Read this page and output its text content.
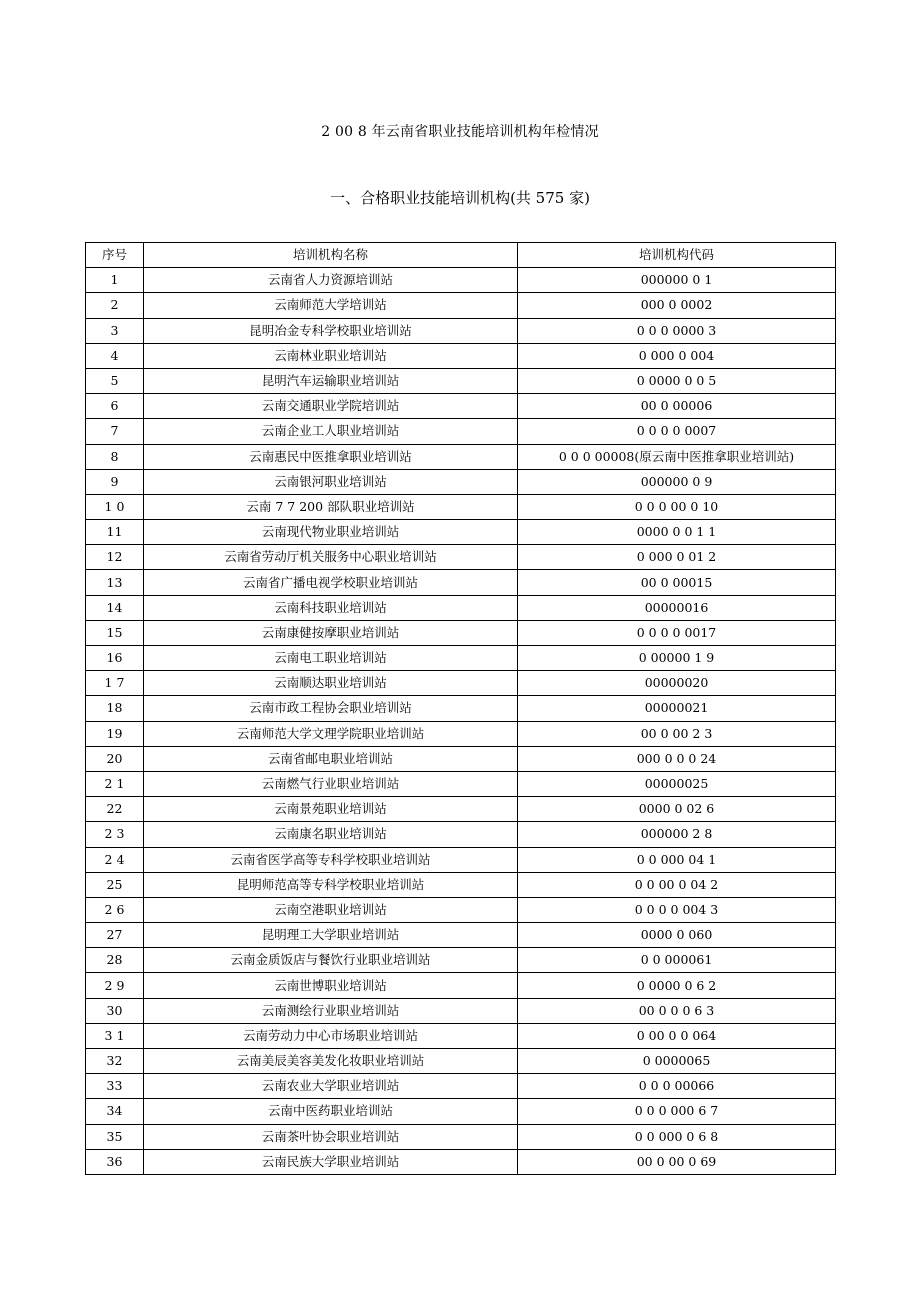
2 00 8 年云南省职业技能培训机构年检情况
一、合格职业技能培训机构(共 575 家)
序号	培训机构名称	培训机构代码
1	云南省人力资源培训站	000000 0 1
2	云南师范大学培训站	000 0 0002
3	昆明冶金专科学校职业培训站	0 0 0 0000 3
4	云南林业职业培训站	0 000 0 004
5	昆明汽车运输职业培训站	0 0000 0 0 5
6	云南交通职业学院培训站	00 0 00006
7	云南企业工人职业培训站	0 0 0 0 0007
8	云南惠民中医推拿职业培训站	0 0 0 00008(原云南中医推拿职业培训站)
9	云南银河职业培训站	000000 0 9
1 0	云南 7 7 200 部队职业培训站	0 0 0 00 0 10
11	云南现代物业职业培训站	0000 0 0 1 1
12	云南省劳动厅机关服务中心职业培训站	0 000 0 01 2
13	云南省广播电视学校职业培训站	00 0 00015
14	云南科技职业培训站	00000016
15	云南康健按摩职业培训站	0 0 0 0 0017
16	云南电工职业培训站	0 00000 1 9
1 7	云南顺达职业培训站	00000020
18	云南市政工程协会职业培训站	00000021
19	云南师范大学文理学院职业培训站	00 0 00 2 3
20	云南省邮电职业培训站	000 0 0 0 24
2 1	云南燃气行业职业培训站	00000025
22	云南景苑职业培训站	0000 0 02 6
2 3	云南康名职业培训站	000000 2 8
2 4	云南省医学高等专科学校职业培训站	0 0 000 04 1
25	昆明师范高等专科学校职业培训站	0 0 00 0 04 2
2 6	云南空港职业培训站	0 0 0 0 004 3
27	昆明理工大学职业培训站	0000 0 060
28	云南金质饭店与餐饮行业职业培训站	0 0 000061
2 9	云南世博职业培训站	0 0000 0 6 2
30	云南测绘行业职业培训站	00 0 0 0 6 3
3 1	云南劳动力中心市场职业培训站	0 00 0 0 064
32	云南美辰美容美发化妆职业培训站	0 0000065
33	云南农业大学职业培训站	0 0 0 00066
34	云南中医药职业培训站	0 0 0 000 6 7
35	云南茶叶协会职业培训站	0 0 000 0 6 8
36	云南民族大学职业培训站	00 0 00 0 69
